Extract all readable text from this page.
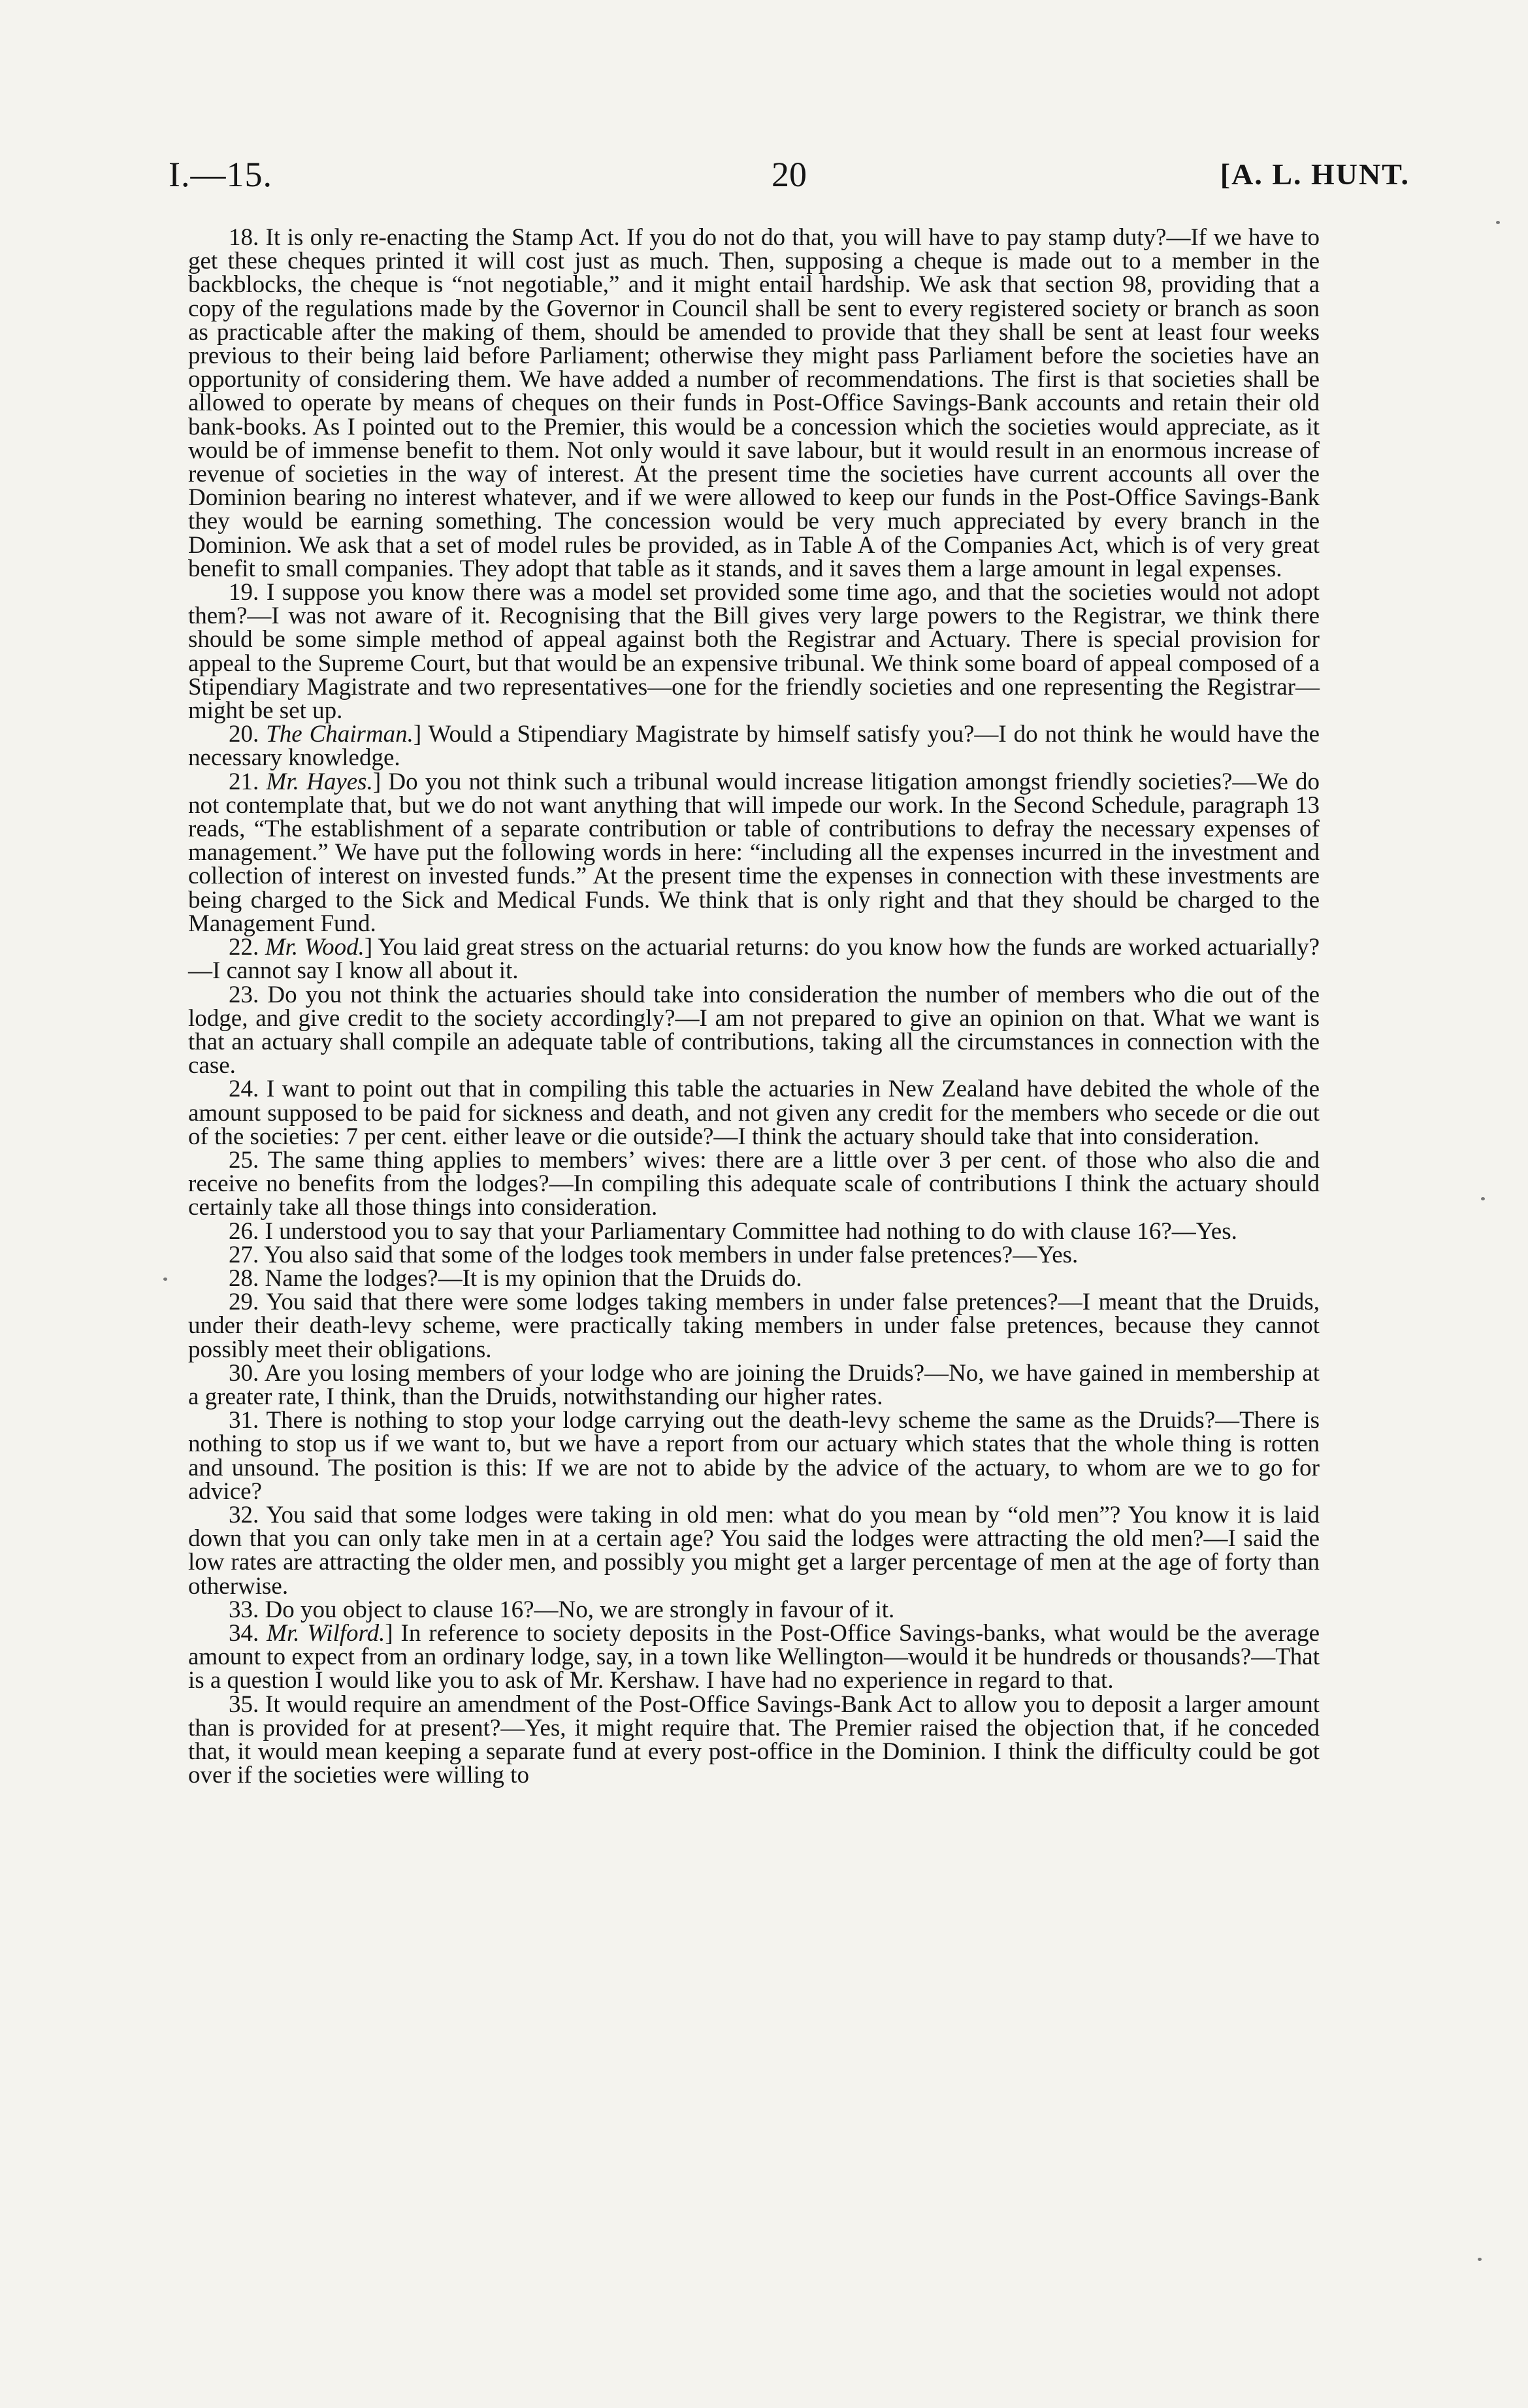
I.—15.	20	[A. L. HUNT.

18. It is only re-enacting the Stamp Act. If you do not do that, you will have to pay stamp duty?—If we have to get these cheques printed it will cost just as much. Then, supposing a cheque is made out to a member in the backblocks, the cheque is “not negotiable,” and it might entail hardship. We ask that section 98, providing that a copy of the regulations made by the Governor in Council shall be sent to every registered society or branch as soon as practicable after the making of them, should be amended to provide that they shall be sent at least four weeks previous to their being laid before Parliament; otherwise they might pass Parliament before the societies have an opportunity of considering them. We have added a number of recommendations. The first is that societies shall be allowed to operate by means of cheques on their funds in Post-Office Savings-Bank accounts and retain their old bank-books. As I pointed out to the Premier, this would be a concession which the societies would appreciate, as it would be of immense benefit to them. Not only would it save labour, but it would result in an enormous increase of revenue of societies in the way of interest. At the present time the societies have current accounts all over the Dominion bearing no interest whatever, and if we were allowed to keep our funds in the Post-Office Savings-Bank they would be earning something. The concession would be very much appreciated by every branch in the Dominion. We ask that a set of model rules be provided, as in Table A of the Companies Act, which is of very great benefit to small companies. They adopt that table as it stands, and it saves them a large amount in legal expenses.

19. I suppose you know there was a model set provided some time ago, and that the societies would not adopt them?—I was not aware of it. Recognising that the Bill gives very large powers to the Registrar, we think there should be some simple method of appeal against both the Registrar and Actuary. There is special provision for appeal to the Supreme Court, but that would be an expensive tribunal. We think some board of appeal composed of a Stipendiary Magistrate and two representatives—one for the friendly societies and one representing the Registrar—might be set up.

20. The Chairman.] Would a Stipendiary Magistrate by himself satisfy you?—I do not think he would have the necessary knowledge.

21. Mr. Hayes.] Do you not think such a tribunal would increase litigation amongst friendly societies?—We do not contemplate that, but we do not want anything that will impede our work. In the Second Schedule, paragraph 13 reads, “The establishment of a separate contribution or table of contributions to defray the necessary expenses of management.” We have put the following words in here: “including all the expenses incurred in the investment and collection of interest on invested funds.” At the present time the expenses in connection with these investments are being charged to the Sick and Medical Funds. We think that is only right and that they should be charged to the Management Fund.

22. Mr. Wood.] You laid great stress on the actuarial returns: do you know how the funds are worked actuarially?—I cannot say I know all about it.

23. Do you not think the actuaries should take into consideration the number of members who die out of the lodge, and give credit to the society accordingly?—I am not prepared to give an opinion on that. What we want is that an actuary shall compile an adequate table of contributions, taking all the circumstances in connection with the case.

24. I want to point out that in compiling this table the actuaries in New Zealand have debited the whole of the amount supposed to be paid for sickness and death, and not given any credit for the members who secede or die out of the societies: 7 per cent. either leave or die outside?—I think the actuary should take that into consideration.

25. The same thing applies to members’ wives: there are a little over 3 per cent. of those who also die and receive no benefits from the lodges?—In compiling this adequate scale of contributions I think the actuary should certainly take all those things into consideration.

26. I understood you to say that your Parliamentary Committee had nothing to do with clause 16?—Yes.

27. You also said that some of the lodges took members in under false pretences?—Yes.

28. Name the lodges?—It is my opinion that the Druids do.

29. You said that there were some lodges taking members in under false pretences?—I meant that the Druids, under their death-levy scheme, were practically taking members in under false pretences, because they cannot possibly meet their obligations.

30. Are you losing members of your lodge who are joining the Druids?—No, we have gained in membership at a greater rate, I think, than the Druids, notwithstanding our higher rates.

31. There is nothing to stop your lodge carrying out the death-levy scheme the same as the Druids?—There is nothing to stop us if we want to, but we have a report from our actuary which states that the whole thing is rotten and unsound. The position is this: If we are not to abide by the advice of the actuary, to whom are we to go for advice?

32. You said that some lodges were taking in old men: what do you mean by “old men”? You know it is laid down that you can only take men in at a certain age? You said the lodges were attracting the old men?—I said the low rates are attracting the older men, and possibly you might get a larger percentage of men at the age of forty than otherwise.

33. Do you object to clause 16?—No, we are strongly in favour of it.

34. Mr. Wilford.] In reference to society deposits in the Post-Office Savings-banks, what would be the average amount to expect from an ordinary lodge, say, in a town like Wellington—would it be hundreds or thousands?—That is a question I would like you to ask of Mr. Kershaw. I have had no experience in regard to that.

35. It would require an amendment of the Post-Office Savings-Bank Act to allow you to deposit a larger amount than is provided for at present?—Yes, it might require that. The Premier raised the objection that, if he conceded that, it would mean keeping a separate fund at every post-office in the Dominion. I think the difficulty could be got over if the societies were willing to
